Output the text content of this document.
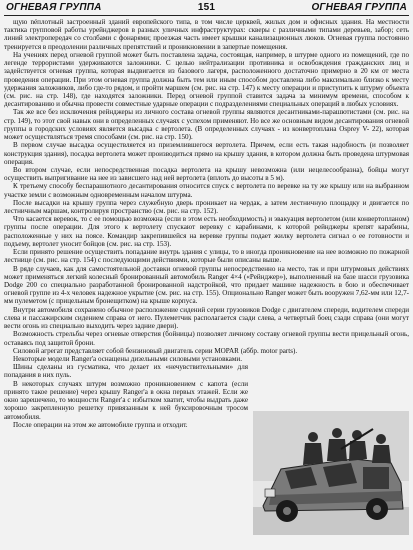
ОГНЕВАЯ ГРУППА	151	ОГНЕВАЯ ГРУППА

щую néплотный застроенный зданий европейского типа, в том числе церквей, жилых дом и офисных здания. На местности тактика групповой работы урейнджеров в разных уличных инфраструктурах: скверы с различными типами деревьев, забор; сеть линий электропередач со столбами с фонарями; проезжая часть имеет крышки канализационных люков. Огневая группа постоянно тренируется в преодолении различных препятствий и проникновении в запертые помещения.

На учениях перед огневой группой может быть поставлена задача, состоящая, например, в штурме одного из помещений, где по легенде террористами удерживаются заложники. С целью нейтрализации противника и освобождения гражданских лиц и задействуется огневая группа, которая выдвигается из базового лагеря, расположенного достаточно примерно в 20 км от места проведения операции. При этом огневая группа должна быть тем или иным способом доставлена либо максимально близко к месту удержания заложников, либо где-то рядом, и пройти маршем (см. рис. на стр. 147) к месту операции и приступить к штурму объекта (см. рис. на стр. 148), где находятся заложники. Перед огневой группой ставится задача за минимум времени, способом к десантированию и обычна провести совместные ударные операции с подразделениями специальных операций в любых условиях.

Так же все без исключения рейнджеры из личного состава огневой группы являются десантниками-парашютистами (см. рис. на стр. 149), то этот свой навык они в определенных случаях с успехом применяют. Но все же основным видом десантирования огневой группы в городских условиях является высадка с вертолета. (В определенных случаях - из конвертоплана Osprey V- 22), которая может осуществляться тремя способами (см. рис. на стр. 150).

В первом случае высадка осуществляется из приземлившегося вертолета. Причем, если есть такая надобность (и позволяет конструкция здания), посадка вертолета может производиться прямо на крышу здания, в котором должна быть проведена штурмовая операция.

Во втором случае, если непосредственная посадка вертолета на крышу невозможна (или нецелесообразна), бойцы могут осуществить выпригивание на нее из зависшего над ней вертолета (вплоть до высоты в 5 м).

К третьему способу беспарашютного десантирования относится спуск с вертолета по веревке на ту же крышу или на выбранном участке земли с возможным одновременным началом штурма.

После высадки на крышу группа через служебную дверь проникает на чердак, а затем лестничную площадку и двигается по лестничным маршам, контролируя пространство (см. рис. на стр. 152).

Что касается веревок, то с ее помощью возможна (если в этом есть необходимость) и эвакуация вертолетом (или конвертопланом) группы после операции. Для этого к вертолету спускают веревку с карабинами, к которой рейнджеры крепят карабины, расположенные у них на поясе. Командир закрепившейся на веревке группы подает жилку вертолета сигнал о ее готовности и подъему, вертолет уносит бойцов (см. рис. на стр. 153).

Если принято решение осуществить попадание внутрь здания с улицы, то в иногда проникновение на нее возможно по пожарной лестнице (см. рис. на стр. 154) с последующими действиями, которые были описаны выше.

В ряде случаев, как для самостоятельной доставки огневой группы непосредственно на место, так и при штурмовых действиях может применяться легкий колесный бронированный автомобиль Ranger 4×4 («Рейнджер»), выполненный на базе шасси грузовика Dodge 200 со специально разработанной бронированной надстройкой, что придает машине надежность в бою и обеспечивает огневой группе из 4-х человек надежное укрытие (см. рис. на стр. 155). Опционально Ranger может быть вооружен 7,62-мм или 12,7-мм пулеметом (с прицельным бронещитком) на крыше корпуса.

Внутри автомобиля сохранено обычное расположение сидений серии грузовиков Dodge с двигателем спереди, водителем спереди слева и пассажирским сидением справа от него. Пулеметчик располагается сзади слева, а четвертый боец сзади справа (они могут вести огонь из специально выходить через задние двери).

Возможность стрельбы через огневые отверстия (бойницы) позволяет личному составу огневой группы вести прицельный огонь, оставаясь под защитой брони.

Силовой агрегат представляет собой бензиновый двигатель серии MOPAR (аббр. motor parts).

Некоторые модели Ranger'а оснащены дизельными силовыми установками.

Шины сделаны из гусматика, что делает их «нечувствительными» для попадания в них пуль.

В некоторых случаях штурм возможно проникновением с капота (если принято такое решение) через крышу Ranger'а в окна первых этажей. Если же окно зарешечено, то мощности Ranger'а с избытком хватит, чтобы выдрать даже хорошо закрепленную решетку привязанным к ней буксировочным тросом автомобиля.

После операции на этом же автомобиле группа и отходит.
